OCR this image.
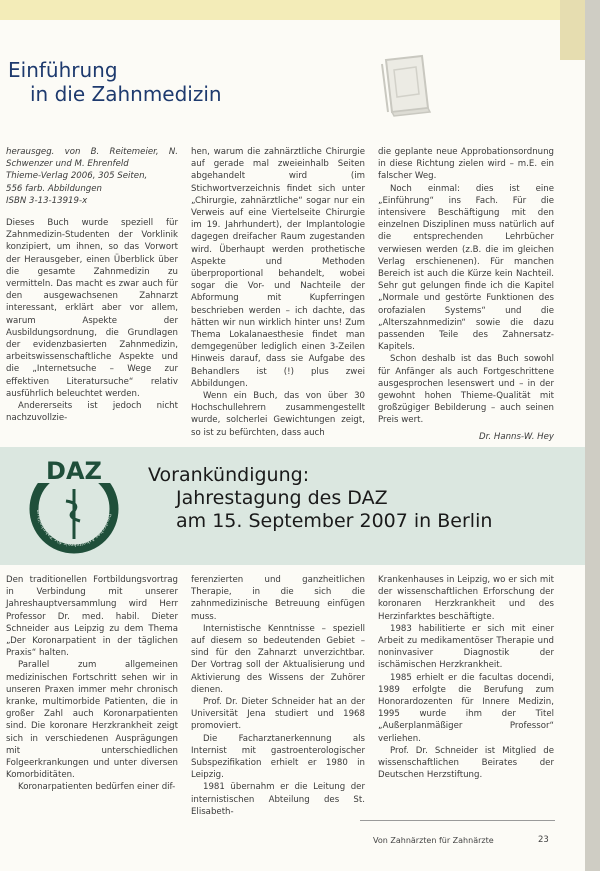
Einführung
in die Zahnmedizin

herausgeg. von B. Reitemeier, N. Schwenzer und M. Ehrenfeld
Thieme-Verlag 2006, 305 Seiten,
556 farb. Abbildungen
ISBN 3-13-13919-x

Dieses Buch wurde speziell für Zahnmedizin-Studenten der Vorklinik konzipiert, um ihnen, so das Vorwort der Herausgeber, einen Überblick über die gesamte Zahnmedizin zu vermitteln. Das macht es zwar auch für den ausgewachsenen Zahnarzt interessant, erklärt aber vor allem, warum Aspekte der Ausbildungsordnung, die Grundlagen der evidenzbasierten Zahnmedizin, arbeitswissenschaftliche Aspekte und die „Internetsuche – Wege zur effektiven Literatursuche“ relativ ausführlich beleuchtet werden.

Andererseits ist jedoch nicht nachzuvollzie-

hen, warum die zahnärztliche Chirurgie auf gerade mal zweieinhalb Seiten abgehandelt wird (im Stichwortverzeichnis findet sich unter „Chirurgie, zahnärztliche“ sogar nur ein Verweis auf eine Viertelseite Chirurgie im 19. Jahrhundert), der Implantologie dagegen dreifacher Raum zugestanden wird. Überhaupt werden prothetische Aspekte und Methoden überproportional behandelt, wobei sogar die Vor- und Nachteile der Abformung mit Kupferringen beschrieben werden – ich dachte, das hätten wir nun wirklich hinter uns! Zum Thema Lokalanaesthesie findet man demgegenüber lediglich einen 3-Zeilen Hinweis darauf, dass sie Aufgabe des Behandlers ist (!) plus zwei Abbildungen.

Wenn ein Buch, das von über 30 Hochschullehrern zusammengestellt wurde, solcherlei Gewichtungen zeigt, so ist zu befürchten, dass auch

die geplante neue Approbationsordnung in diese Richtung zielen wird – m.E. ein falscher Weg.

Noch einmal: dies ist eine „Einführung“ ins Fach. Für die intensivere Beschäftigung mit den einzelnen Disziplinen muss natürlich auf die entsprechenden Lehrbücher verwiesen werden (z.B. die im gleichen Verlag erschienenen). Für manchen Bereich ist auch die Kürze kein Nachteil. Sehr gut gelungen finde ich die Kapitel „Normale und gestörte Funktionen des orofazialen Systems“ und die „Alterszahnmedizin“ sowie die dazu passenden Teile des Zahnersatz-Kapitels.

Schon deshalb ist das Buch sowohl für Anfänger als auch Fortgeschrittene ausgesprochen lesenswert und – in der gewohnt hohen Thieme-Qualität mit großzügiger Bebilderung – auch seinen Preis wert.

Dr. Hanns-W. Hey

DAZ
Deutscher Arbeitskreis für Zahnheilkun
Vorankündigung:
Jahrestagung des DAZ
am 15. September 2007 in Berlin

Den traditionellen Fortbildungsvortrag in Verbindung mit unserer Jahreshauptversammlung wird Herr Professor Dr. med. habil. Dieter Schneider aus Leipzig zu dem Thema „Der Koronarpatient in der täglichen Praxis“ halten.

Parallel zum allgemeinen medizinischen Fortschritt sehen wir in unseren Praxen immer mehr chronisch kranke, multimorbide Patienten, die in großer Zahl auch Koronarpatienten sind. Die koronare Herzkrankheit zeigt sich in verschiedenen Ausprägungen mit unterschiedlichen Folgeerkrankungen und unter diversen Komorbiditäten.

Koronarpatienten bedürfen einer dif-

ferenzierten und ganzheitlichen Therapie, in die sich die zahnmedizinische Betreuung einfügen muss.

Internistische Kenntnisse – speziell auf diesem so bedeutenden Gebiet – sind für den Zahnarzt unverzichtbar. Der Vortrag soll der Aktualisierung und Aktivierung des Wissens der Zuhörer dienen.

Prof. Dr. Dieter Schneider hat an der Universität Jena studiert und 1968 promoviert.

Die Facharztanerkennung als Internist mit gastroenterologischer Subspezifikation erhielt er 1980 in Leipzig.

1981 übernahm er die Leitung der internistischen Abteilung des St. Elisabeth-

Krankenhauses in Leipzig, wo er sich mit der wissenschaftlichen Erforschung der koronaren Herzkrankheit und des Herzinfarktes beschäftigte.

1983 habilitierte er sich mit einer Arbeit zu medikamentöser Therapie und noninvasiver Diagnostik der ischämischen Herzkrankheit.

1985 erhielt er die facultas docendi, 1989 erfolgte die Berufung zum Honorardozenten für Innere Medizin, 1995 wurde ihm der Titel „Außerplanmäßiger Professor“ verliehen.

Prof. Dr. Schneider ist Mitglied de wissenschaftlichen Beirates der Deutschen Herzstiftung.

Von Zahnärzten für Zahnärzte	23
